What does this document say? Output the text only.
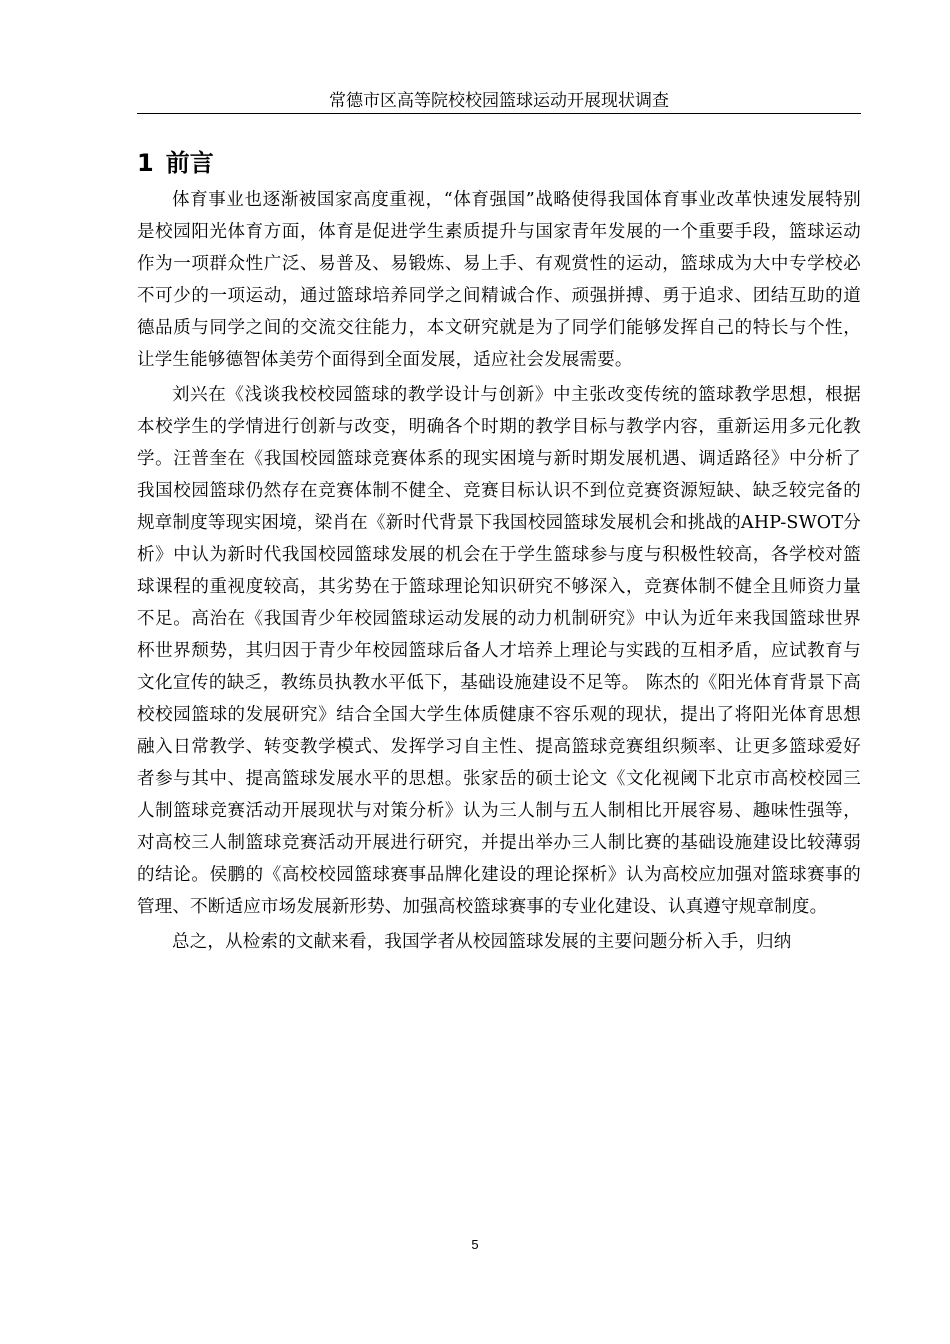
常德市区高等院校校园篮球运动开展现状调查
1 前言

体育事业也逐渐被国家高度重视，“体育强国”战略使得我国体育事业改革快速发展特别是校园阳光体育方面，体育是促进学生素质提升与国家青年发展的一个重要手段，篮球运动作为一项群众性广泛、易普及、易锻炼、易上手、有观赏性的运动，篮球成为大中专学校必不可少的一项运动，通过篮球培养同学之间精诚合作、顽强拼搏、勇于追求、团结互助的道德品质与同学之间的交流交往能力，本文研究就是为了同学们能够发挥自己的特长与个性，让学生能够德智体美劳个面得到全面发展，适应社会发展需要。

刘兴在《浅谈我校校园篮球的教学设计与创新》中主张改变传统的篮球教学思想，根据本校学生的学情进行创新与改变，明确各个时期的教学目标与教学内容，重新运用多元化教学。汪普奎在《我国校园篮球竞赛体系的现实困境与新时期发展机遇、调适路径》中分析了我国校园篮球仍然存在竞赛体制不健全、竞赛目标认识不到位竞赛资源短缺、缺乏较完备的规章制度等现实困境，梁肖在《新时代背景下我国校园篮球发展机会和挑战的AHP-SWOT分析》中认为新时代我国校园篮球发展的机会在于学生篮球参与度与积极性较高，各学校对篮球课程的重视度较高，其劣势在于篮球理论知识研究不够深入，竞赛体制不健全且师资力量不足。高治在《我国青少年校园篮球运动发展的动力机制研究》中认为近年来我国篮球世界杯世界颓势，其归因于青少年校园篮球后备人才培养上理论与实践的互相矛盾，应试教育与文化宣传的缺乏，教练员执教水平低下，基础设施建设不足等。 陈杰的《阳光体育背景下高校校园篮球的发展研究》结合全国大学生体质健康不容乐观的现状，提出了将阳光体育思想融入日常教学、转变教学模式、发挥学习自主性、提高篮球竞赛组织频率、让更多篮球爱好者参与其中、提高篮球发展水平的思想。张家岳的硕士论文《文化视阈下北京市高校校园三人制篮球竞赛活动开展现状与对策分析》认为三人制与五人制相比开展容易、趣味性强等，对高校三人制篮球竞赛活动开展进行研究，并提出举办三人制比赛的基础设施建设比较薄弱的结论。侯鹏的《高校校园篮球赛事品牌化建设的理论探析》认为高校应加强对篮球赛事的管理、不断适应市场发展新形势、加强高校篮球赛事的专业化建设、认真遵守规章制度。

总之，从检索的文献来看，我国学者从校园篮球发展的主要问题分析入手，归纳

5
